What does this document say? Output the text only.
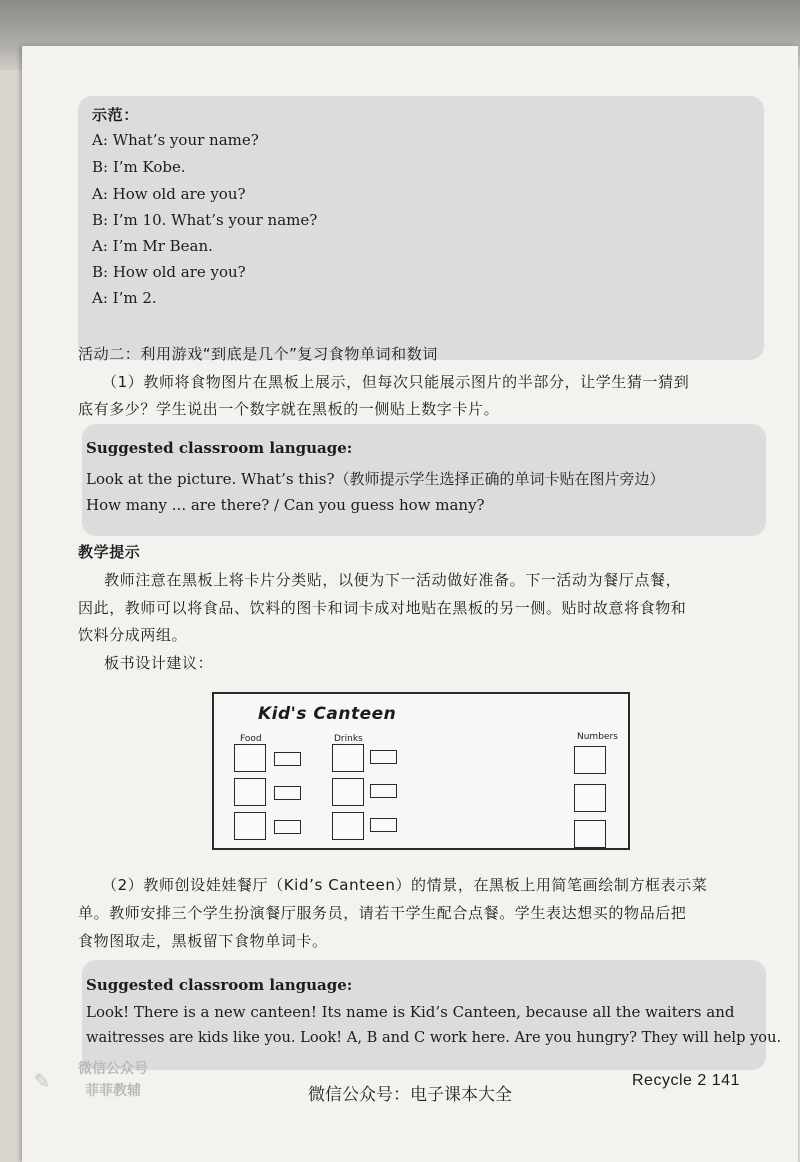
示范：
A: What’s your name?
B: I’m Kobe.
A: How old are you?
B: I’m 10. What’s your name?
A: I’m Mr Bean.
B: How old are you?
A: I’m 2.
活动二：利用游戏“到底是几个”复习食物单词和数词
（1）教师将食物图片在黑板上展示，但每次只能展示图片的半部分，让学生猜一猜到
底有多少？学生说出一个数字就在黑板的一侧贴上数字卡片。
Suggested classroom language:
Look at the picture. What’s this?（教师提示学生选择正确的单词卡贴在图片旁边）
How many ... are there? / Can you guess how many?
教学提示
教师注意在黑板上将卡片分类贴，以便为下一活动做好准备。下一活动为餐厅点餐，
因此，教师可以将食品、饮料的图卡和词卡成对地贴在黑板的另一侧。贴时故意将食物和
饮料分成两组。
板书设计建议：
Kid's Canteen
Food	Drinks	Numbers
（2）教师创设娃娃餐厅（Kid’s Canteen）的情景，在黑板上用简笔画绘制方框表示菜
单。教师安排三个学生扮演餐厅服务员，请若干学生配合点餐。学生表达想买的物品后把
食物图取走，黑板留下食物单词卡。
Suggested classroom language:
Look! There is a new canteen! Its name is Kid’s Canteen, because all the waiters and
waitresses are kids like you. Look! A, B and C work here. Are you hungry? They will help you.
Recycle 2 141
✎	微信公众号
菲菲教辅	微信公众号：电子课本大全
